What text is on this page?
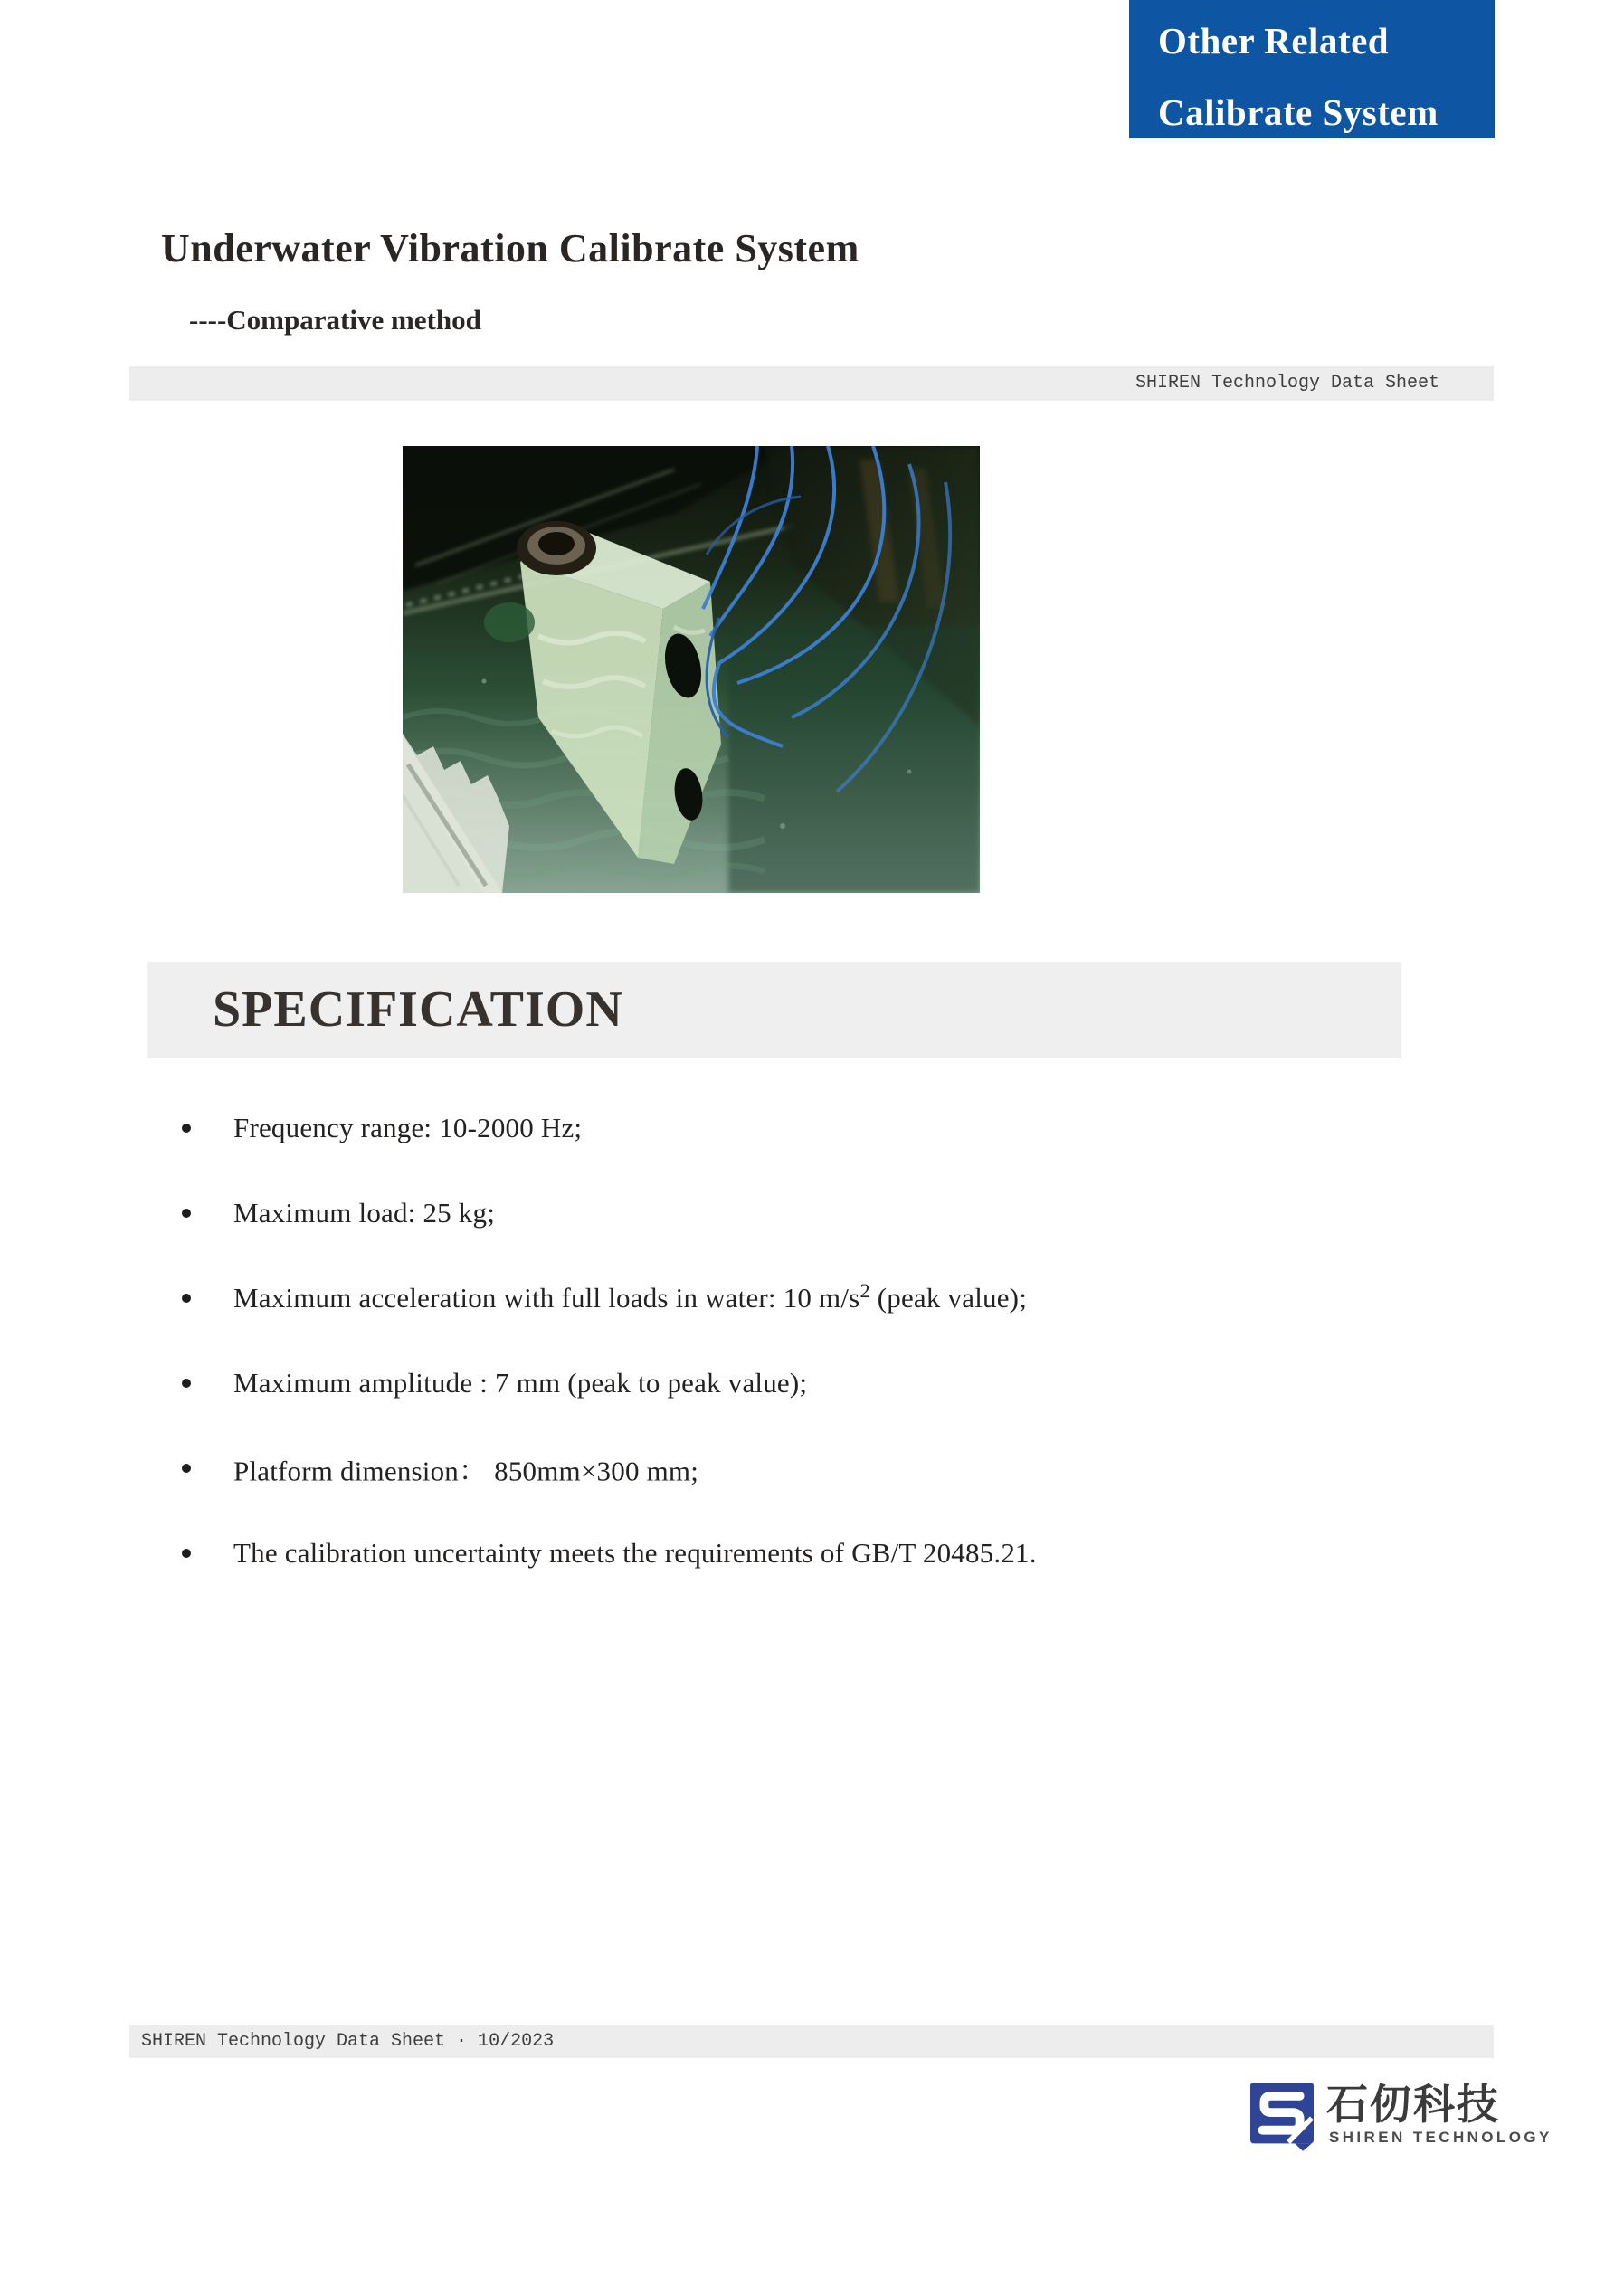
Other Related
Calibrate System
Underwater Vibration Calibrate System
----Comparative method
SHIREN Technology Data Sheet
SPECIFICATION
Frequency range: 10-2000 Hz;
Maximum load: 25 kg;
Maximum acceleration with full loads in water: 10 $m/s^2$ (peak value);
Maximum amplitude : 7 mm (peak to peak value);
Platform dimension： 850mm×300 mm;
The calibration uncertainty meets the requirements of GB/T 20485.21.
SHIREN Technology Data Sheet · 10/2023
石仞科技
SHIREN TECHNOLOGY
